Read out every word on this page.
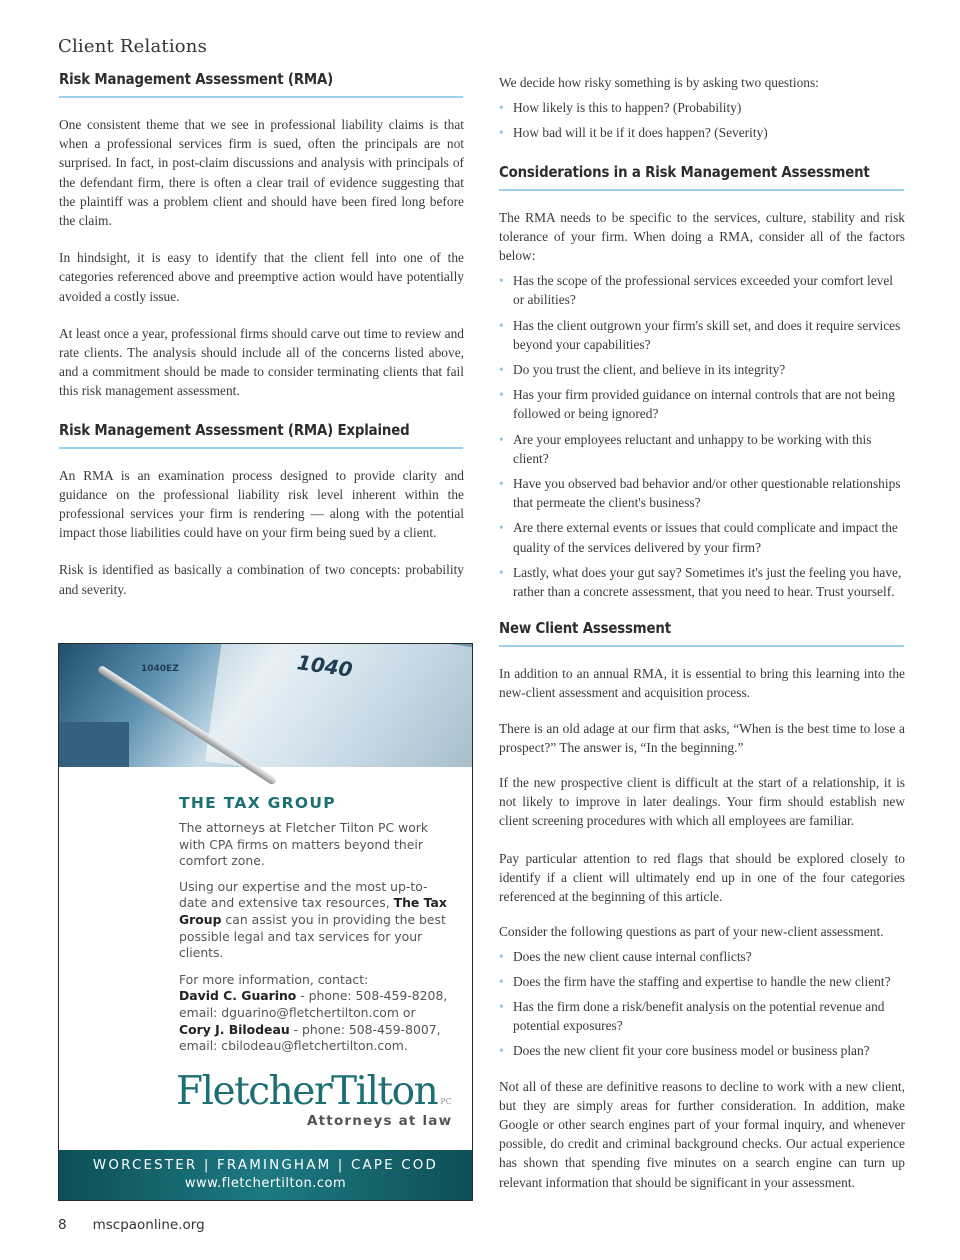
Client Relations
Risk Management Assessment (RMA)

One consistent theme that we see in professional liability claims is that when a professional services firm is sued, often the principals are not surprised. In fact, in post-claim discussions and analysis with principals of the defendant firm, there is often a clear trail of evidence suggesting that the plaintiff was a problem client and should have been fired long before the claim.

In hindsight, it is easy to identify that the client fell into one of the categories referenced above and preemptive action would have potentially avoided a costly issue.

At least once a year, professional firms should carve out time to review and rate clients. The analysis should include all of the concerns listed above, and a commitment should be made to consider terminating clients that fail this risk management assessment.

Risk Management Assessment (RMA) Explained

An RMA is an examination process designed to provide clarity and guidance on the professional liability risk level inherent within the professional services your firm is rendering — along with the potential impact those liabilities could have on your firm being sued by a client.

Risk is identified as basically a combination of two concepts: probability and severity.

1040
1040EZ
THE TAX GROUP

The attorneys at Fletcher Tilton PC work with CPA firms on matters beyond their comfort zone.

Using our expertise and the most up-to-date and extensive tax resources, The Tax Group can assist you in providing the best possible legal and tax services for your clients.

For more information, contact:
David C. Guarino - phone: 508-459-8208,
email: dguarino@fletchertilton.com or
Cory J. Bilodeau - phone: 508-459-8007,
email: cbilodeau@fletchertilton.com.

FletcherTilton PC
Attorneys at law
WORCESTER | FRAMINGHAM | CAPE COD
www.fletchertilton.com

We decide how risky something is by asking two questions:

• How likely is this to happen? (Probability)
• How bad will it be if it does happen? (Severity)
Considerations in a Risk Management Assessment

The RMA needs to be specific to the services, culture, stability and risk tolerance of your firm. When doing a RMA, consider all of the factors below:

• Has the scope of the professional services exceeded your comfort level or abilities?
• Has the client outgrown your firm's skill set, and does it require services beyond your capabilities?
• Do you trust the client, and believe in its integrity?
• Has your firm provided guidance on internal controls that are not being followed or being ignored?
• Are your employees reluctant and unhappy to be working with this client?
• Have you observed bad behavior and/or other questionable relationships that permeate the client's business?
• Are there external events or issues that could complicate and impact the quality of the services delivered by your firm?
• Lastly, what does your gut say? Sometimes it's just the feeling you have, rather than a concrete assessment, that you need to hear. Trust yourself.
New Client Assessment

In addition to an annual RMA, it is essential to bring this learning into the new-client assessment and acquisition process.

There is an old adage at our firm that asks, “When is the best time to lose a prospect?” The answer is, “In the beginning.”

If the new prospective client is difficult at the start of a relationship, it is not likely to improve in later dealings. Your firm should establish new client screening procedures with which all employees are familiar.

Pay particular attention to red flags that should be explored closely to identify if a client will ultimately end up in one of the four categories referenced at the beginning of this article.

Consider the following questions as part of your new-client assessment.

• Does the new client cause internal conflicts?
• Does the firm have the staffing and expertise to handle the new client?
• Has the firm done a risk/benefit analysis on the potential revenue and potential exposures?
• Does the new client fit your core business model or business plan?

Not all of these are definitive reasons to decline to work with a new client, but they are simply areas for further consideration. In addition, make Google or other search engines part of your formal inquiry, and whenever possible, do credit and criminal background checks. Our actual experience has shown that spending five minutes on a search engine can turn up relevant information that should be significant in your assessment.

8 mscpaonline.org
